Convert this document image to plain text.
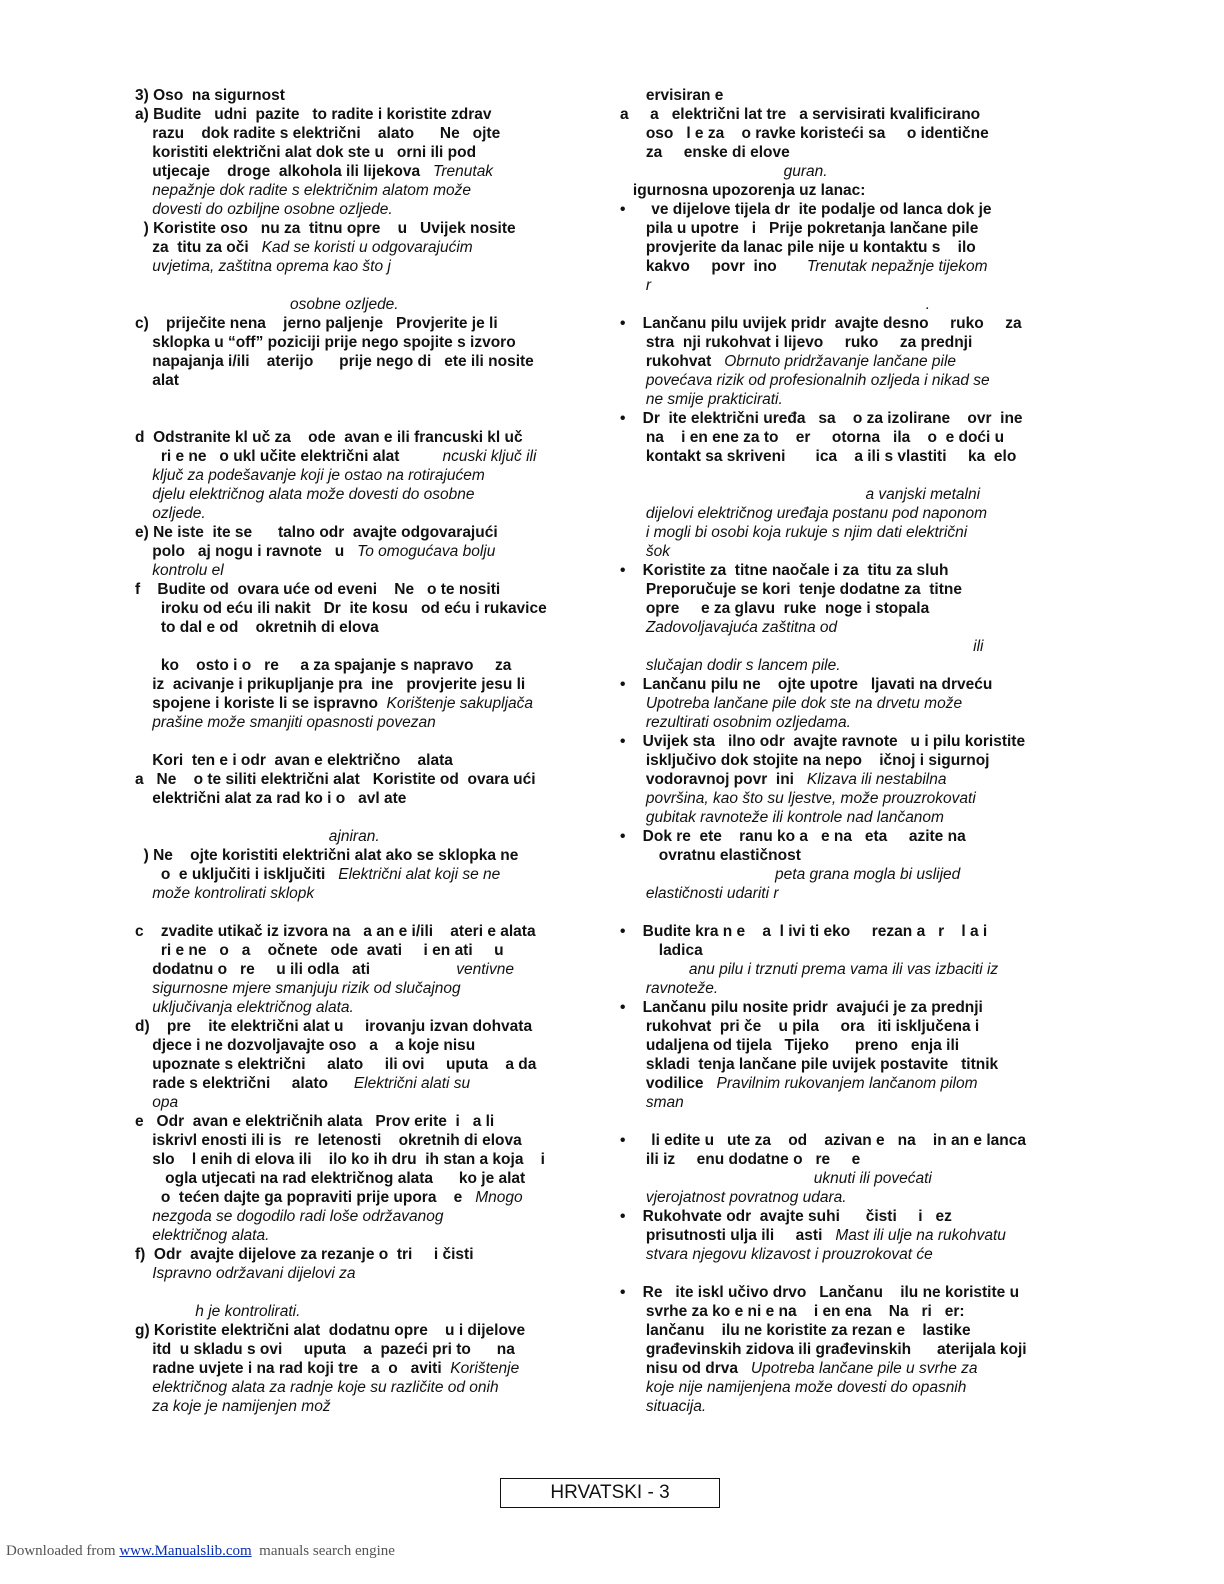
3) Oso  na sigurnost
a) Budite   udni  pazite   to radite i koristite zdrav
razu    dok radite s električni    alato      Ne   ojte
koristiti električni alat dok ste u   orni ili pod
utjecaje    droge  alkohola ili lijekova   Trenutak
nepažnje dok radite s električnim alatom može
dovesti do ozbiljne osobne ozljede.
) Koristite oso   nu za  titnu opre    u   Uvijek nosite
za  titu za oči   Kad se koristi u odgovarajućim
uvjetima, zaštitna oprema kao što j
osobne ozljede.
c)    priječite nena    jerno paljenje   Provjerite je li
sklopka u “off” poziciji prije nego spojite s izvoro
napajanja i/ili    aterijo      prije nego di   ete ili nosite
alat
d  Odstranite kl uč za    ode  avan e ili francuski kl uč
ri e ne   o ukl učite električni alat          ncuski ključ ili
ključ za podešavanje koji je ostao na rotirajućem
djelu električnog alata može dovesti do osobne
ozljede.
e) Ne iste  ite se      talno odr  avajte odgovarajući
polo   aj nogu i ravnote   u   To omogućava bolju
kontrolu el
f    Budite od  ovara uće od eveni    Ne   o te nositi
iroku od eću ili nakit   Dr  ite kosu   od eću i rukavice
to dal e od    okretnih di elova
ko    osto i o   re     a za spajanje s napravo     za
iz  acivanje i prikupljanje pra  ine   provjerite jesu li
spojene i koriste li se ispravno  Korištenje sakupljača
prašine može smanjiti opasnosti povezan
Kori  ten e i odr  avan e električno    alata
a   Ne    o te siliti električni alat   Koristite od  ovara ući
električni alat za rad ko i o   avl ate
ajniran.
) Ne    ojte koristiti električni alat ako se sklopka ne
o  e uključiti i isključiti   Električni alat koji se ne
može kontrolirati sklopk
c    zvadite utikač iz izvora na   a an e i/ili    ateri e alata
ri e ne   o   a    očnete   ode  avati     i en ati     u
dodatnu o   re     u ili odla   ati                    ventivne
sigurnosne mjere smanjuju rizik od slučajnog
uključivanja električnog alata.
d)    pre    ite električni alat u     irovanju izvan dohvata
djece i ne dozvoljavajte oso   a    a koje nisu
upoznate s električni     alato     ili ovi     uputa    a da
rade s električni     alato      Električni alati su
opa
e   Odr  avan e električnih alata   Prov erite  i   a li
iskrivl enosti ili is   re  letenosti    okretnih di elova
slo    l enih di elova ili    ilo ko ih dru  ih stan a koja    i
ogla utjecati na rad električnog alata      ko je alat
o  tećen dajte ga popraviti prije upora    e   Mnogo
nezgoda se dogodilo radi loše održavanog
električnog alata.
f)  Odr  avajte dijelove za rezanje o  tri     i čisti
Ispravno održavani dijelovi za
h je kontrolirati.
g) Koristite električni alat  dodatnu opre    u i dijelove
itd  u skladu s ovi     uputa    a  pazeći pri to      na
radne uvjete i na rad koji tre   a  o   aviti  Korištenje
električnog alata za radnje koje su različite od onih
za koje je namijenjen mož
ervisiran e
a     a   električni lat tre   a servisirati kvalificirano
oso   l e za    o ravke koristeći sa     o identične
za     enske di elove
guran.
igurnosna upozorenja uz lanac:
•      ve dijelove tijela dr  ite podalje od lanca dok je
pila u upotre   i   Prije pokretanja lančane pile
provjerite da lanac pile nije u kontaktu s    ilo
kakvo     povr  ino       Trenutak nepažnje tijekom
r
.
•    Lančanu pilu uvijek pridr  avajte desno     ruko     za
stra  nji rukohvat i lijevo     ruko     za prednji
rukohvat   Obrnuto pridržavanje lančane pile
povećava rizik od profesionalnih ozljeda i nikad se
ne smije prakticirati.
•    Dr  ite električni uređa   sa    o za izolirane    ovr  ine
na    i en ene za to    er     otorna   ila    o  e doći u
kontakt sa skriveni       ica    a ili s vlastiti     ka  elo
a vanjski metalni
dijelovi električnog uređaja postanu pod naponom
i mogli bi osobi koja rukuje s njim dati električni
šok
•    Koristite za  titne naočale i za  titu za sluh
Preporučuje se kori  tenje dodatne za  titne
opre     e za glavu  ruke  noge i stopala
Zadovoljavajuća zaštitna od
ili
slučajan dodir s lancem pile.
•    Lančanu pilu ne    ojte upotre   ljavati na drveću
Upotreba lančane pile dok ste na drvetu može
rezultirati osobnim ozljedama.
•    Uvijek sta   ilno odr  avajte ravnote   u i pilu koristite
isključivo dok stojite na nepo    ičnoj i sigurnoj
vodoravnoj povr  ini   Klizava ili nestabilna
površina, kao što su ljestve, može prouzrokovati
gubitak ravnoteže ili kontrole nad lančanom
•    Dok re  ete    ranu ko a   e na   eta     azite na
ovratnu elastičnost
peta grana mogla bi uslijed
elastičnosti udariti r
•    Budite kra n e    a  l ivi ti eko     rezan a   r    l a i
ladica
anu pilu i trznuti prema vama ili vas izbaciti iz
ravnoteže.
•    Lančanu pilu nosite pridr  avajući je za prednji
rukohvat  pri če    u pila     ora   iti isključena i
udaljena od tijela   Tijeko      preno   enja ili
skladi  tenja lančane pile uvijek postavite   titnik
vodilice   Pravilnim rukovanjem lančanom pilom
sman
•      li edite u   ute za    od    azivan e   na    in an e lanca
ili iz     enu dodatne o   re     e
uknuti ili povećati
vjerojatnost povratnog udara.
•    Rukohvate odr  avajte suhi      čisti     i   ez
prisutnosti ulja ili     asti   Mast ili ulje na rukohvatu
stvara njegovu klizavost i prouzrokovat će
•    Re   ite iskl učivo drvo   Lančanu    ilu ne koristite u
svrhe za ko e ni e na    i en ena    Na   ri   er:
lančanu    ilu ne koristite za rezan e    lastike
građevinskih zidova ili građevinskih      aterijala koji
nisu od drva   Upotreba lančane pile u svrhe za
koje nije namijenjena može dovesti do opasnih
situacija.
HRVATSKI - 3
Downloaded from www.Manualslib.com  manuals search engine
